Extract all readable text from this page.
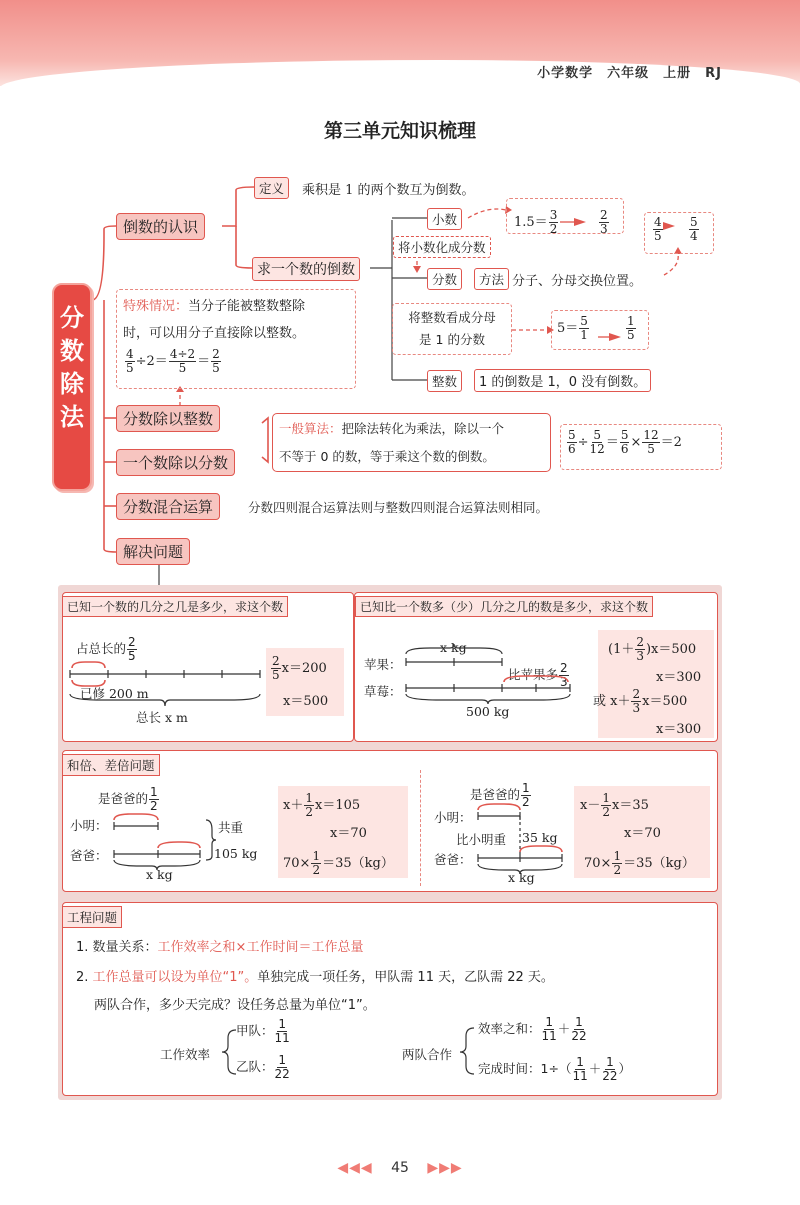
小学数学　六年级　上册　RJ
第三单元知识梳理
分
数
除
法
倒数的认识
分数除以整数
一个数除以分数
分数混合运算
解决问题
定义	乘积是 1 的两个数互为倒数。
求一个数的倒数
小数	$1.5= \frac{3}{2}$	$\frac{2}{3}$
将小数化成分数
分数	方法 分子、分母交换位置。
$\frac{4}{5} \frac{5}{4}$
将整数看成分母
是 1 的分数
$5= \frac{5}{1}$	$\frac{1}{5}$
整数	1 的倒数是 1，0 没有倒数。
特殊情况：当分子能被整数整除
时，可以用分子直接除以整数。
$\frac{4}{5} \div 2= \frac{4\div 2}{5} = \frac{2}{5}$
一般算法：把除法转化为乘法，除以一个
不等于 0 的数，等于乘这个数的倒数。
$\frac{5}{6} \div \frac{5}{12} = \frac{5}{6} \times \frac{12}{5} =2$
分数四则混合运算法则与整数四则混合运算法则相同。
已知一个数的几分之几是多少，求这个数
占总长的 $\frac{2}{5}$
已修 200 m
总长 x m
$\frac{2}{5} x=200$
x＝500
已知比一个数多（少）几分之几的数是多少，求这个数
x kg
苹果：
比苹果多 $\frac{2}{3}$
草莓：
500 kg
$(1+ \frac{2}{3} )x=500$
x＝300
或 $x+ \frac{2}{3} x=500$
x＝300
和倍、差倍问题
是爸爸的 $\frac{1}{2}$
小明：
爸爸：
共重
105 kg
x kg
$x+ \frac{1}{2} x=105$
x＝70
$70\times \frac{1}{2} =35(kg)$
是爸爸的 $\frac{1}{2}$
小明：
比小明重 35 kg
爸爸：
x kg
$x- \frac{1}{2} x=35$
x＝70
$70\times \frac{1}{2} =35(kg)$
工程问题
1. 数量关系：工作效率之和×工作时间＝工作总量
2. 工作总量可以设为单位“1”。单独完成一项任务，甲队需 11 天，乙队需 22 天。
两队合作，多少天完成？设任务总量为单位“1”。
工作效率
甲队： $\frac{1}{11}$
乙队： $\frac{1}{22}$	两队合作
效率之和： $\frac{1}{11} + \frac{1}{22}$
完成时间：$1\div( \frac{1}{11} + \frac{1}{22}$ ）
◀◀◀ 45 ▶▶▶
